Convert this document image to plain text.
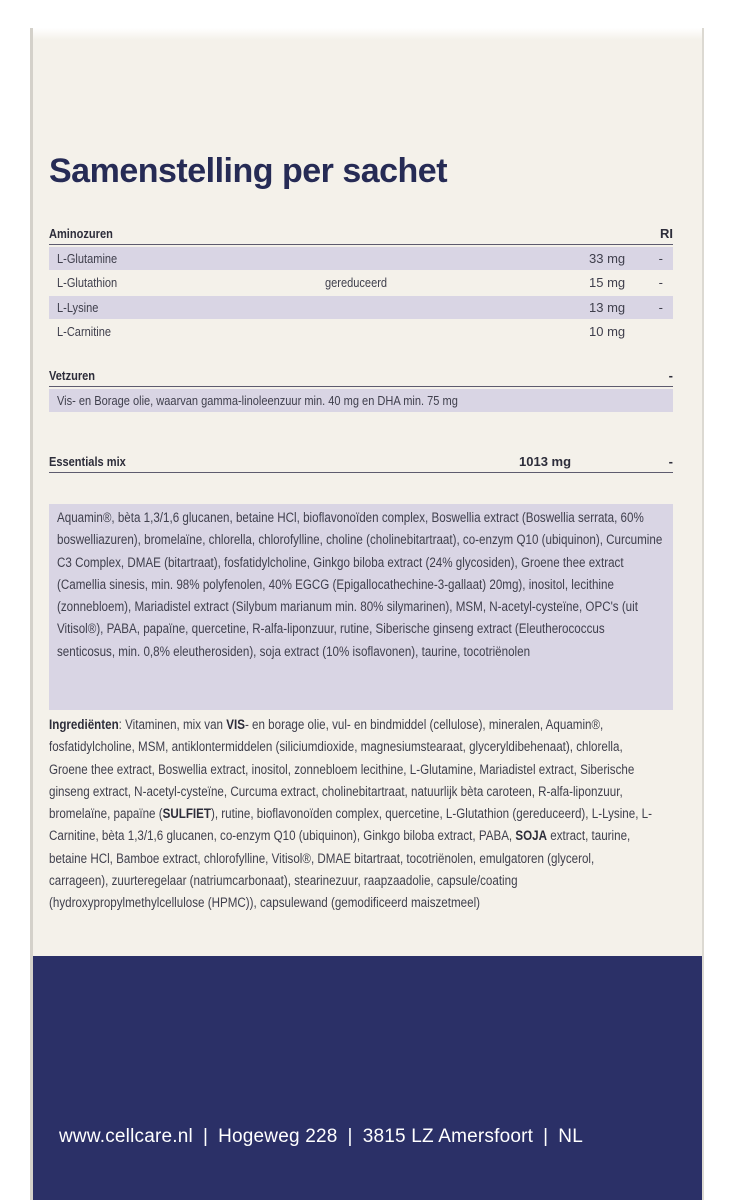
Samenstelling per sachet
Aminozuren	RI
L-Glutamine	33 mg	-
L-Glutathion	gereduceerd	15 mg	-
L-Lysine	13 mg	-
L-Carnitine	10 mg
Vetzuren	-
Vis- en Borage olie, waarvan gamma-linoleenzuur min. 40 mg en DHA min. 75 mg
Essentials mix	1013 mg	-
Aquamin®, bèta 1,3/1,6 glucanen, betaine HCl, bioflavonoïden complex, Boswellia extract (Boswellia serrata, 60% boswelliazuren), bromelaïne, chlorella, chlorofylline, choline (cholinebitartraat), co-enzym Q10 (ubiquinon), Curcumine C3 Complex, DMAE (bitartraat), fosfatidylcholine, Ginkgo biloba extract (24% glycosiden), Groene thee extract (Camellia sinesis, min. 98% polyfenolen, 40% EGCG (Epigallocathechine-3-gallaat) 20mg), inositol, lecithine (zonnebloem), Mariadistel extract (Silybum marianum min. 80% silymarinen), MSM, N-acetyl-cysteïne, OPC's (uit Vitisol®), PABA, papaïne, quercetine, R-alfa-liponzuur, rutine, Siberische ginseng extract (Eleutherococcus senticosus, min. 0,8% eleutherosiden), soja extract (10% isoflavonen), taurine, tocotriënolen
Ingrediënten: Vitaminen, mix van VIS- en borage olie, vul- en bindmiddel (cellulose), mineralen, Aquamin®, fosfatidylcholine, MSM, antiklontermiddelen (siliciumdioxide, magnesiumstearaat, glyceryldibehenaat), chlorella, Groene thee extract, Boswellia extract, inositol, zonnebloem lecithine, L-Glutamine, Mariadistel extract, Siberische ginseng extract, N-acetyl-cysteïne, Curcuma extract, cholinebitartraat, natuurlijk bèta caroteen, R-alfa-liponzuur, bromelaïne, papaïne (SULFIET), rutine, bioflavonoïden complex, quercetine, L-Glutathion (gereduceerd), L-Lysine, L-Carnitine, bèta 1,3/1,6 glucanen, co-enzym Q10 (ubiquinon), Ginkgo biloba extract, PABA, SOJA extract, taurine, betaine HCl, Bamboe extract, chlorofylline, Vitisol®, DMAE bitartraat, tocotriënolen, emulgatoren (glycerol, carrageen), zuurteregelaar (natriumcarbonaat), stearinezuur, raapzaadolie, capsule/coating (hydroxypropylmethylcellulose (HPMC)), capsulewand (gemodificeerd maiszetmeel)
www.cellcare.nl | Hogeweg 228 | 3815 LZ Amersfoort | NL
